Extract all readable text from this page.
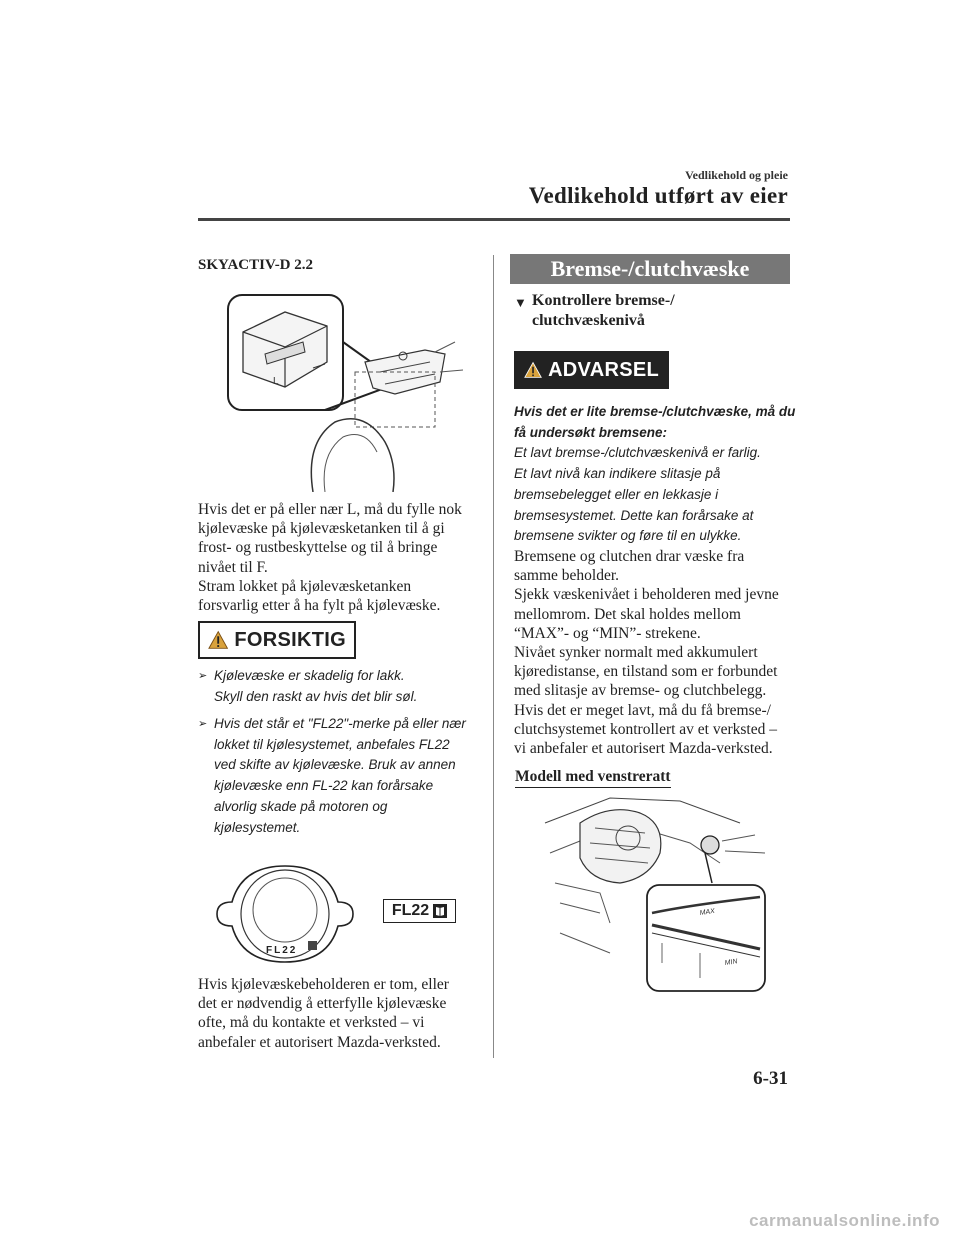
Vedlikehold og pleie
Vedlikehold utført av eier
SKYACTIV-D 2.2
L
Hvis det er på eller nær L, må du fylle nok
kjølevæske på kjølevæsketanken til å gi
frost- og rustbeskyttelse og til å bringe
nivået til F.
Stram lokket på kjølevæsketanken
forsvarlig etter å ha fylt på kjølevæske.
FORSIKTIG
➢ Kjølevæske er skadelig for lakk.
Skyll den raskt av hvis det blir søl.
➢ Hvis det står et "FL22"-merke på eller nær
lokket til kjølesystemet, anbefales FL22
ved skifte av kjølevæske. Bruk av annen
kjølevæske enn FL-22 kan forårsake
alvorlig skade på motoren og
kjølesystemet.
FL22
FL22
Hvis kjølevæskebeholderen er tom, eller
det er nødvendig å etterfylle kjølevæske
ofte, må du kontakte et verksted – vi
anbefaler et autorisert Mazda-verksted.
Bremse-/clutchvæske
▼ Kontrollere bremse-/
clutchvæskenivå
ADVARSEL
Hvis det er lite bremse-/clutchvæske, må du
få undersøkt bremsene:
Et lavt bremse-/clutchvæskenivå er farlig.
Et lavt nivå kan indikere slitasje på
bremsebelegget eller en lekkasje i
bremsesystemet. Dette kan forårsake at
bremsene svikter og føre til en ulykke.
Bremsene og clutchen drar væske fra
samme beholder.
Sjekk væskenivået i beholderen med jevne
mellomrom. Det skal holdes mellom
“MAX”- og “MIN”- strekene.
Nivået synker normalt med akkumulert
kjøredistanse, en tilstand som er forbundet
med slitasje av bremse- og clutchbelegg.
Hvis det er meget lavt, må du få bremse-/
clutchsystemet kontrollert av et verksted –
vi anbefaler et autorisert Mazda-verksted.
Modell med venstreratt
MAX
MIN
6-31
carmanualsonline.info
